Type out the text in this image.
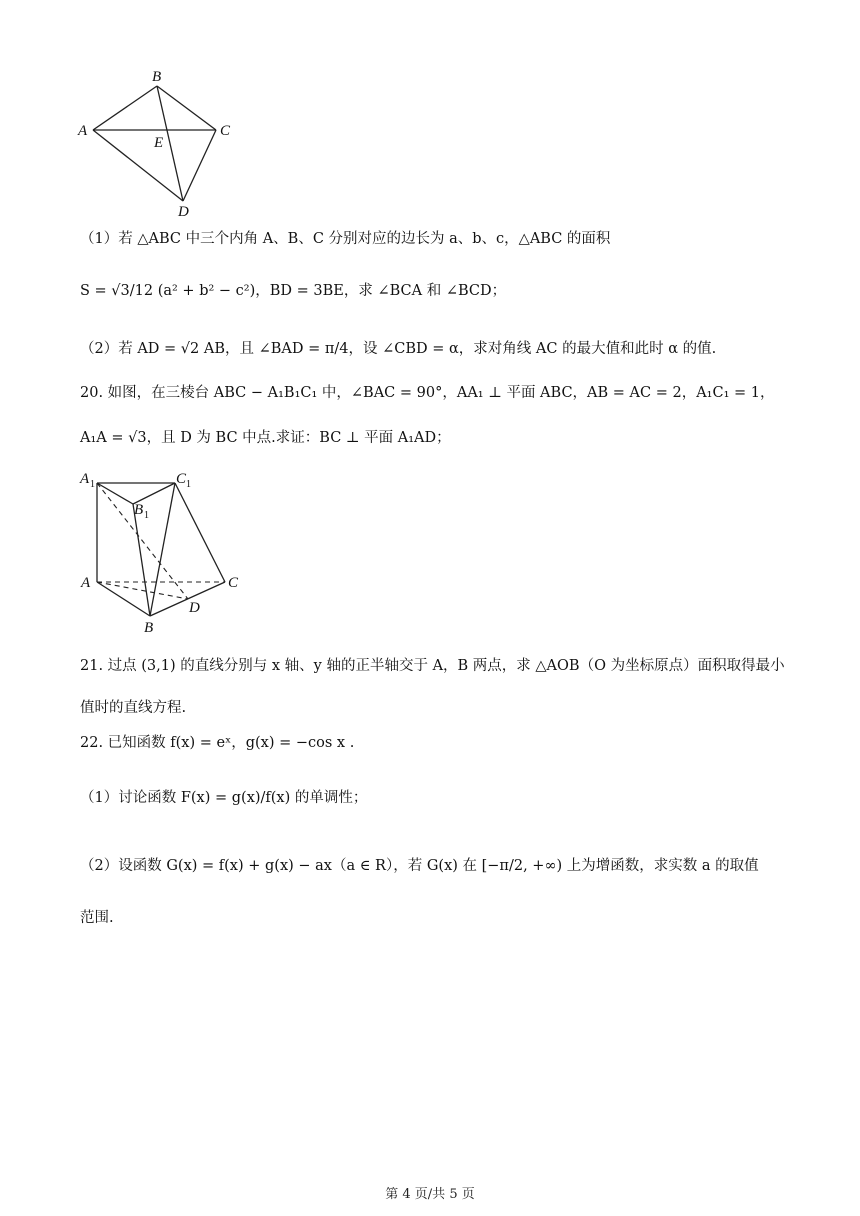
B
A	C
E
D
（1）若 △ABC 中三个内角 A、B、C 分别对应的边长为 a、b、c，△ABC 的面积
S = √3/12 (a² + b² − c²)，BD = 3BE，求 ∠BCA 和 ∠BCD；
（2）若 AD = √2 AB，且 ∠BAD = π/4，设 ∠CBD = α，求对角线 AC 的最大值和此时 α 的值.
20. 如图，在三棱台 ABC − A₁B₁C₁ 中，∠BAC = 90°，AA₁ ⊥ 平面 ABC，AB = AC = 2，A₁C₁ = 1，
A₁A = √3，且 D 为 BC 中点.求证：BC ⊥ 平面 A₁AD；
A 1	C 1
B 1
A	C
D
B
21. 过点 (3,1) 的直线分别与 x 轴、y 轴的正半轴交于 A，B 两点，求 △AOB（O 为坐标原点）面积取得最小
值时的直线方程.
22. 已知函数 f(x) = eˣ，g(x) = −cos x .
（1）讨论函数 F(x) = g(x)/f(x) 的单调性；
（2）设函数 G(x) = f(x) + g(x) − ax（a ∈ R），若 G(x) 在 [−π/2, +∞) 上为增函数，求实数 a 的取值
范围.
第 4 页/共 5 页
